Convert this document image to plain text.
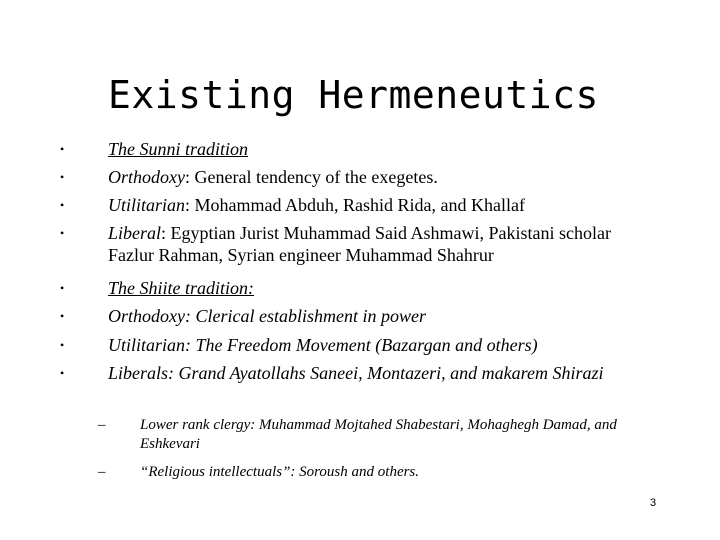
Existing Hermeneutics
• The Sunni tradition
• Orthodoxy: General tendency of the exegetes.
• Utilitarian: Mohammad Abduh, Rashid Rida, and Khallaf
• Liberal: Egyptian Jurist Muhammad Said Ashmawi, Pakistani scholar Fazlur Rahman, Syrian engineer Muhammad Shahrur
• The Shiite tradition:
• Orthodoxy: Clerical establishment in power
• Utilitarian: The Freedom Movement (Bazargan and others)
• Liberals: Grand Ayatollahs Saneei, Montazeri, and makarem Shirazi
– Lower rank clergy: Muhammad Mojtahed Shabestari, Mohaghegh Damad, and Eshkevari
– “Religious intellectuals”: Soroush and others.
3
